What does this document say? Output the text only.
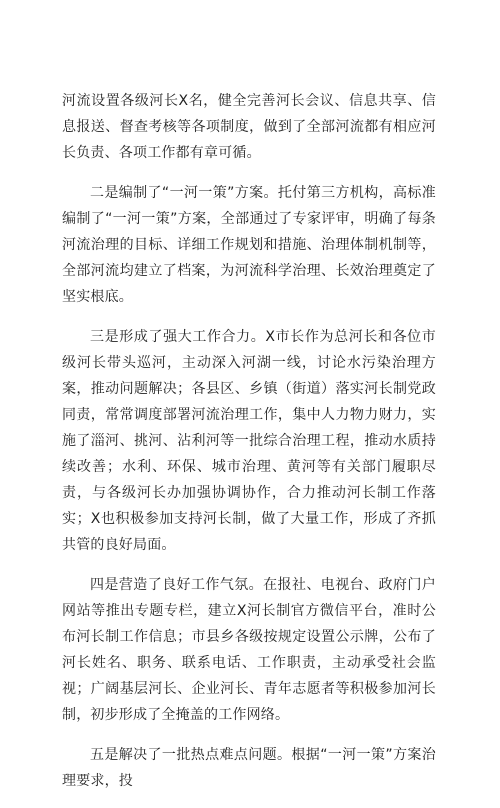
河流设置各级河长X名，健全完善河长会议、信息共享、信息报送、督查考核等各项制度，做到了全部河流都有相应河长负责、各项工作都有章可循。

二是编制了“一河一策”方案。托付第三方机构，高标准编制了“一河一策”方案，全部通过了专家评审，明确了每条河流治理的目标、详细工作规划和措施、治理体制机制等，全部河流均建立了档案，为河流科学治理、长效治理奠定了坚实根底。

三是形成了强大工作合力。X市长作为总河长和各位市级河长带头巡河，主动深入河湖一线，讨论水污染治理方案，推动问题解决；各县区、乡镇（街道）落实河长制党政同责，常常调度部署河流治理工作，集中人力物力财力，实施了淄河、挑河、沾利河等一批综合治理工程，推动水质持续改善；水利、环保、城市治理、黄河等有关部门履职尽责，与各级河长办加强协调协作，合力推动河长制工作落实；X也积极参加支持河长制，做了大量工作，形成了齐抓共管的良好局面。

四是营造了良好工作气氛。在报社、电视台、政府门户网站等推出专题专栏，建立X河长制官方微信平台，准时公布河长制工作信息；市县乡各级按规定设置公示牌，公布了河长姓名、职务、联系电话、工作职责，主动承受社会监视；广阔基层河长、企业河长、青年志愿者等积极参加河长制，初步形成了全掩盖的工作网络。

五是解决了一批热点难点问题。根据“一河一策”方案治理要求，投
